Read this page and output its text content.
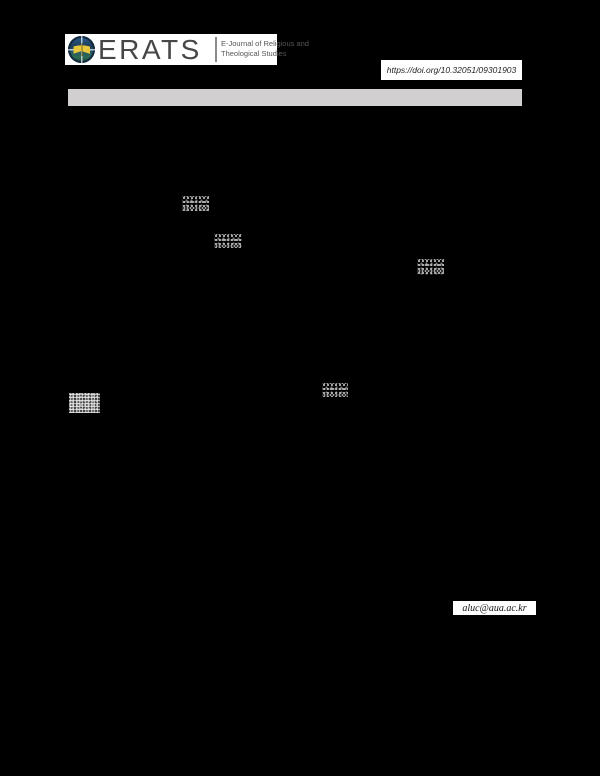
ERATS	E-Journal of Religious and
Theological Studies
https://doi.org/10.32051/09301903
aluc@aua.ac.kr
